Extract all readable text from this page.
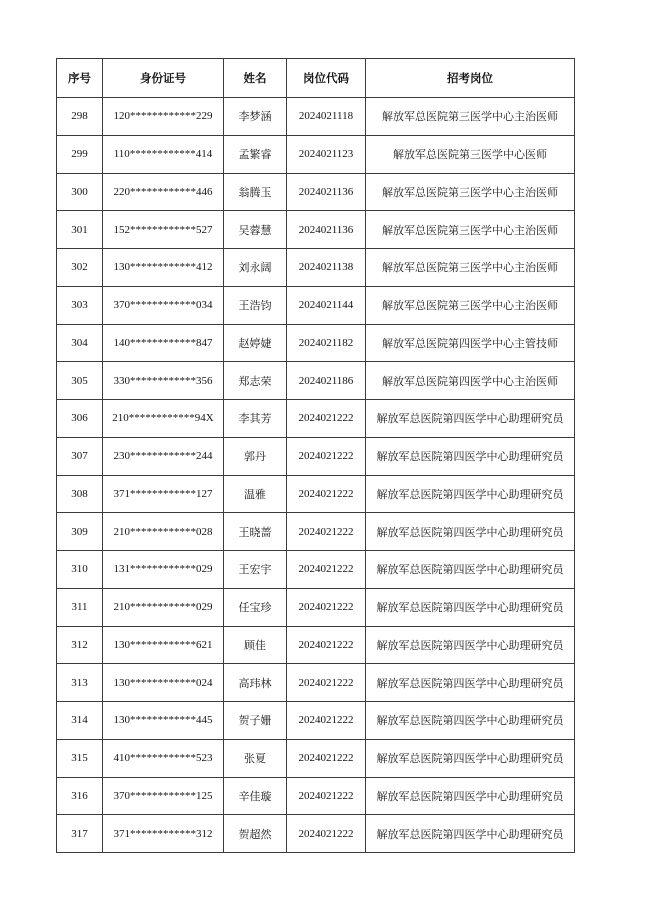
序号	身份证号	姓名	岗位代码	招考岗位
298	120************229	李梦涵	2024021118	解放军总医院第三医学中心主治医师
299	110************414	孟繁睿	2024021123	解放军总医院第三医学中心医师
300	220************446	翁腾玉	2024021136	解放军总医院第三医学中心主治医师
301	152************527	吴蓉慧	2024021136	解放军总医院第三医学中心主治医师
302	130************412	刘永阔	2024021138	解放军总医院第三医学中心主治医师
303	370************034	王浩钧	2024021144	解放军总医院第三医学中心主治医师
304	140************847	赵婷婕	2024021182	解放军总医院第四医学中心主管技师
305	330************356	郑志荣	2024021186	解放军总医院第四医学中心主治医师
306	210************94X	李其芳	2024021222	解放军总医院第四医学中心助理研究员
307	230************244	郭丹	2024021222	解放军总医院第四医学中心助理研究员
308	371************127	温雅	2024021222	解放军总医院第四医学中心助理研究员
309	210************028	王晓蔷	2024021222	解放军总医院第四医学中心助理研究员
310	131************029	王宏宇	2024021222	解放军总医院第四医学中心助理研究员
311	210************029	任宝珍	2024021222	解放军总医院第四医学中心助理研究员
312	130************621	顾佳	2024021222	解放军总医院第四医学中心助理研究员
313	130************024	高玮林	2024021222	解放军总医院第四医学中心助理研究员
314	130************445	贺子姗	2024021222	解放军总医院第四医学中心助理研究员
315	410************523	张夏	2024021222	解放军总医院第四医学中心助理研究员
316	370************125	辛佳璇	2024021222	解放军总医院第四医学中心助理研究员
317	371************312	贺超然	2024021222	解放军总医院第四医学中心助理研究员
